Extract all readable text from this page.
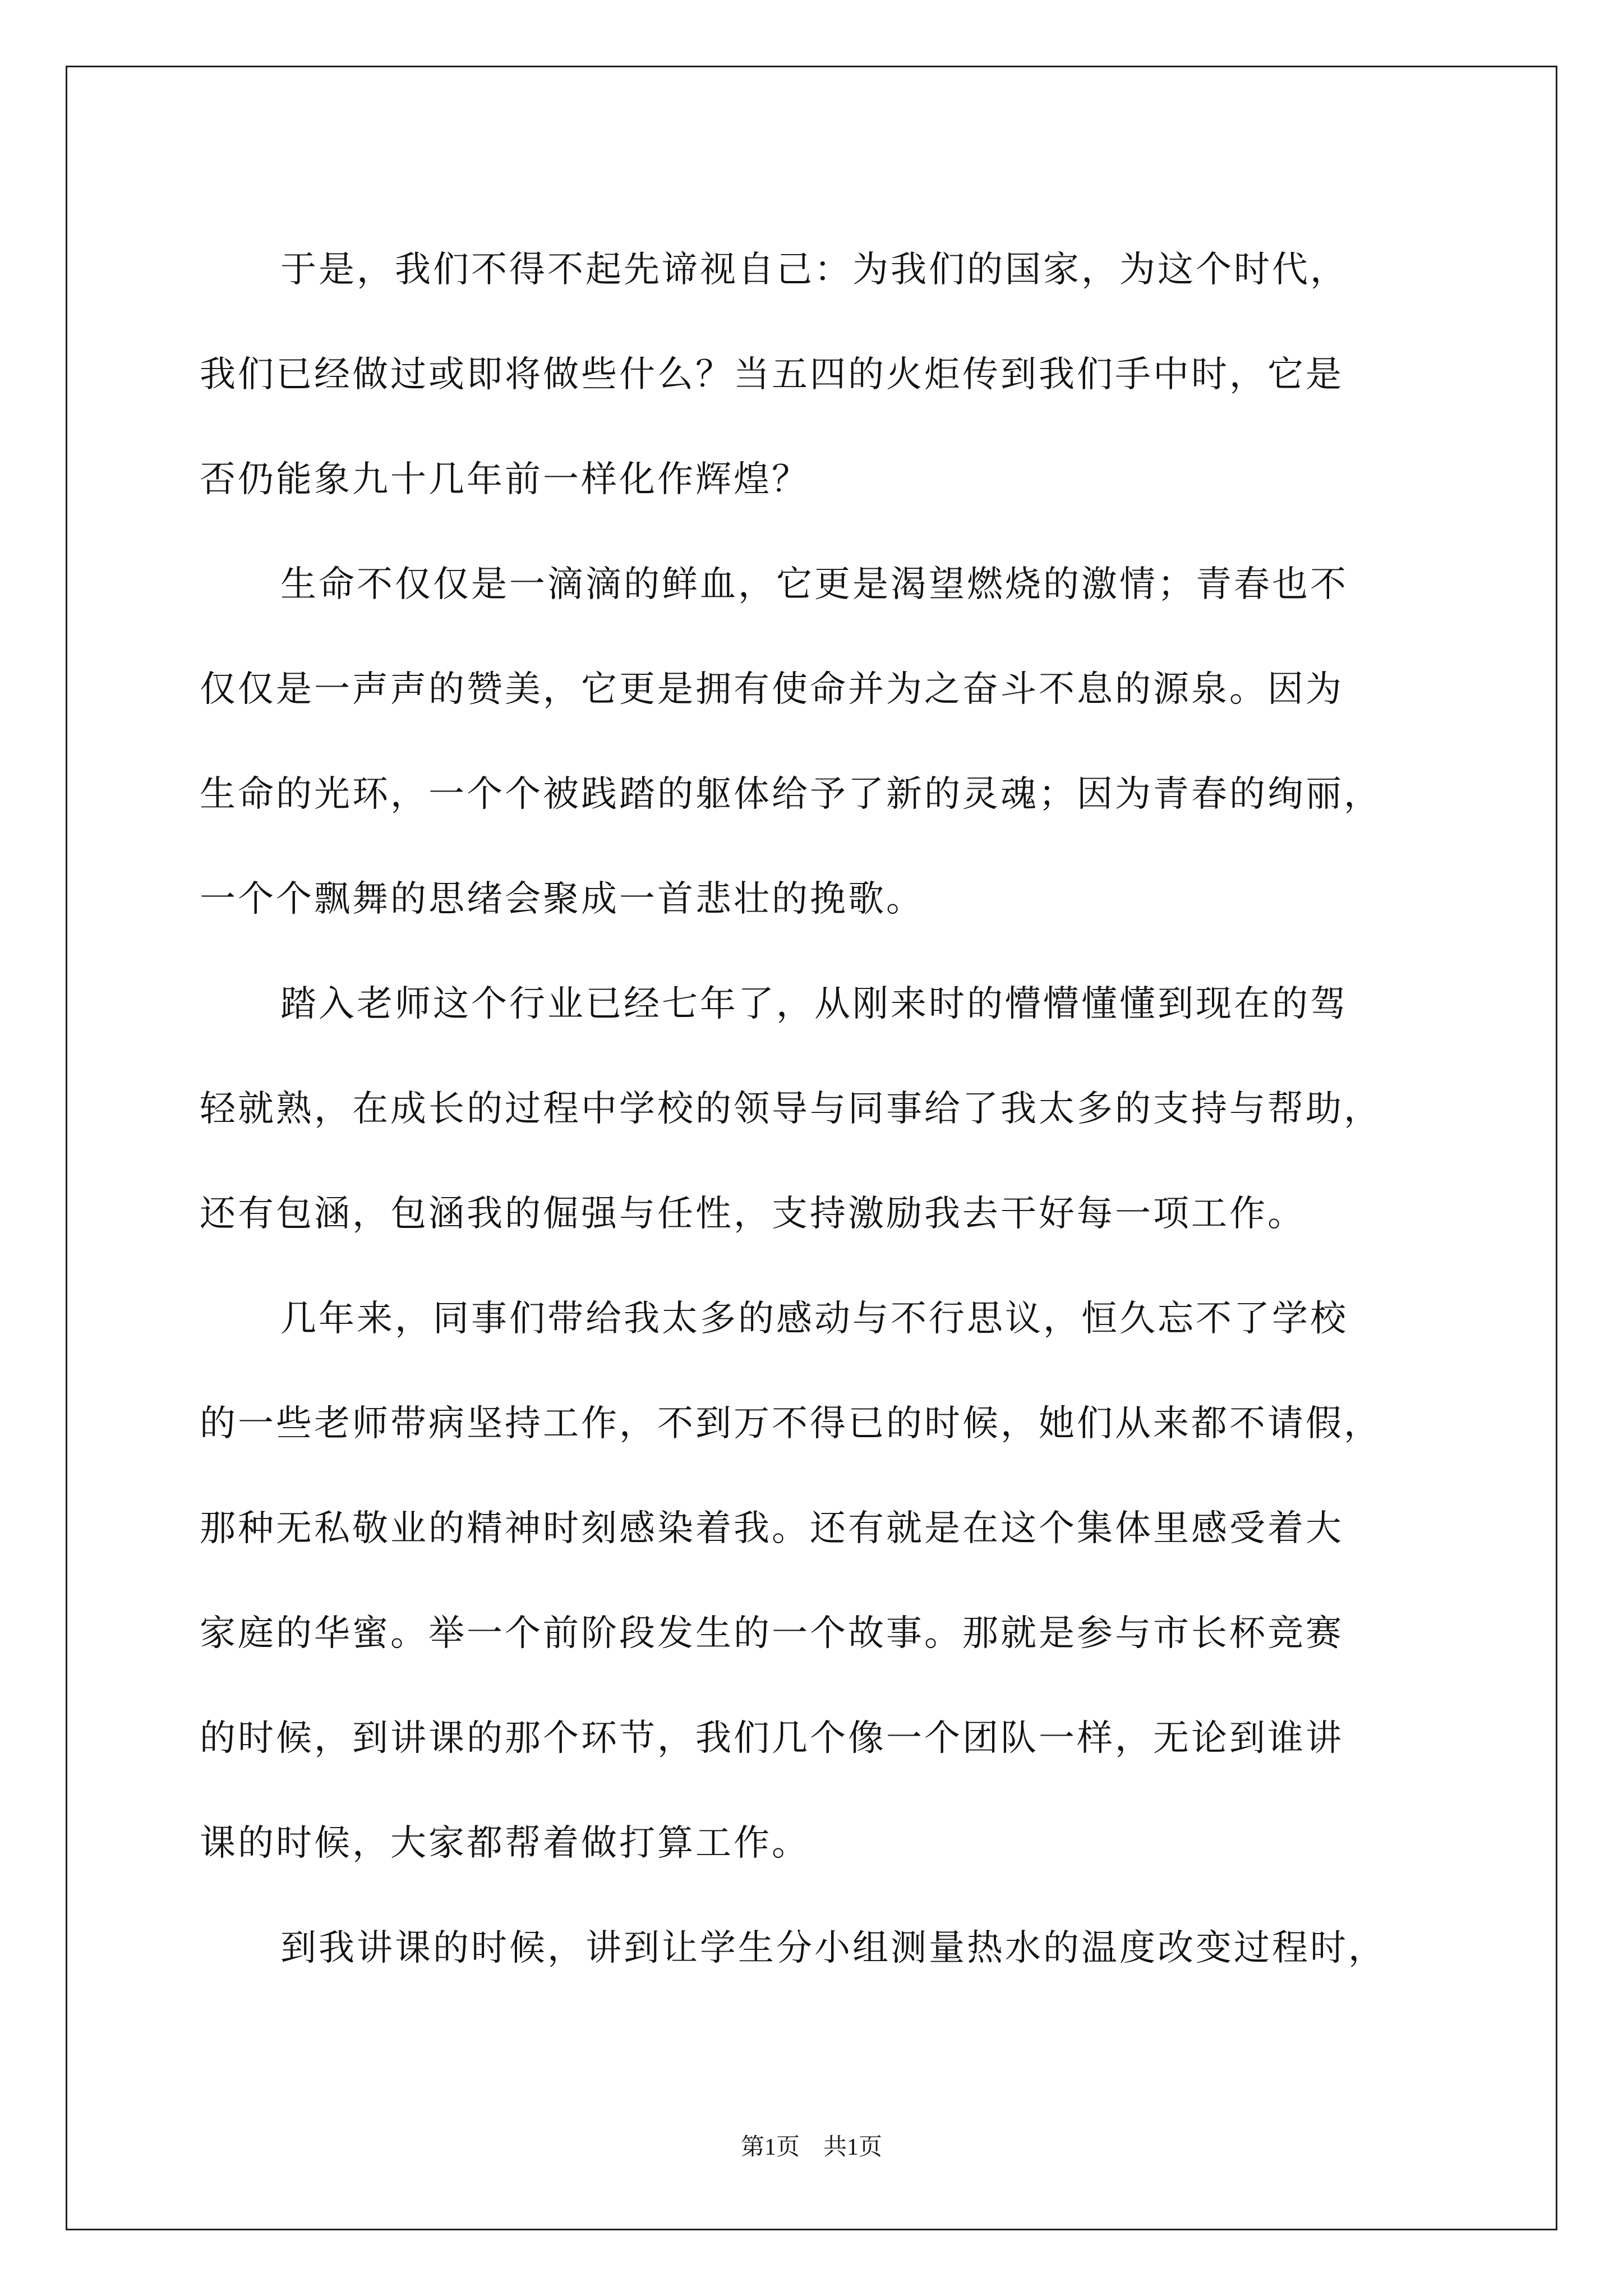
于是，我们不得不起先谛视自己：为我们的国家，为这个时代，
我们已经做过或即将做些什么？当五四的火炬传到我们手中时，它是
否仍能象九十几年前一样化作辉煌？
生命不仅仅是一滴滴的鲜血，它更是渴望燃烧的激情；青春也不
仅仅是一声声的赞美，它更是拥有使命并为之奋斗不息的源泉。因为
生命的光环，一个个被践踏的躯体给予了新的灵魂；因为青春的绚丽，
一个个飘舞的思绪会聚成一首悲壮的挽歌。
踏入老师这个行业已经七年了，从刚来时的懵懵懂懂到现在的驾
轻就熟，在成长的过程中学校的领导与同事给了我太多的支持与帮助，
还有包涵，包涵我的倔强与任性，支持激励我去干好每一项工作。
几年来，同事们带给我太多的感动与不行思议，恒久忘不了学校
的一些老师带病坚持工作，不到万不得已的时候，她们从来都不请假，
那种无私敬业的精神时刻感染着我。还有就是在这个集体里感受着大
家庭的华蜜。举一个前阶段发生的一个故事。那就是参与市长杯竞赛
的时候，到讲课的那个环节，我们几个像一个团队一样，无论到谁讲
课的时候，大家都帮着做打算工作。
到我讲课的时候，讲到让学生分小组测量热水的温度改变过程时，
第1页　共1页
